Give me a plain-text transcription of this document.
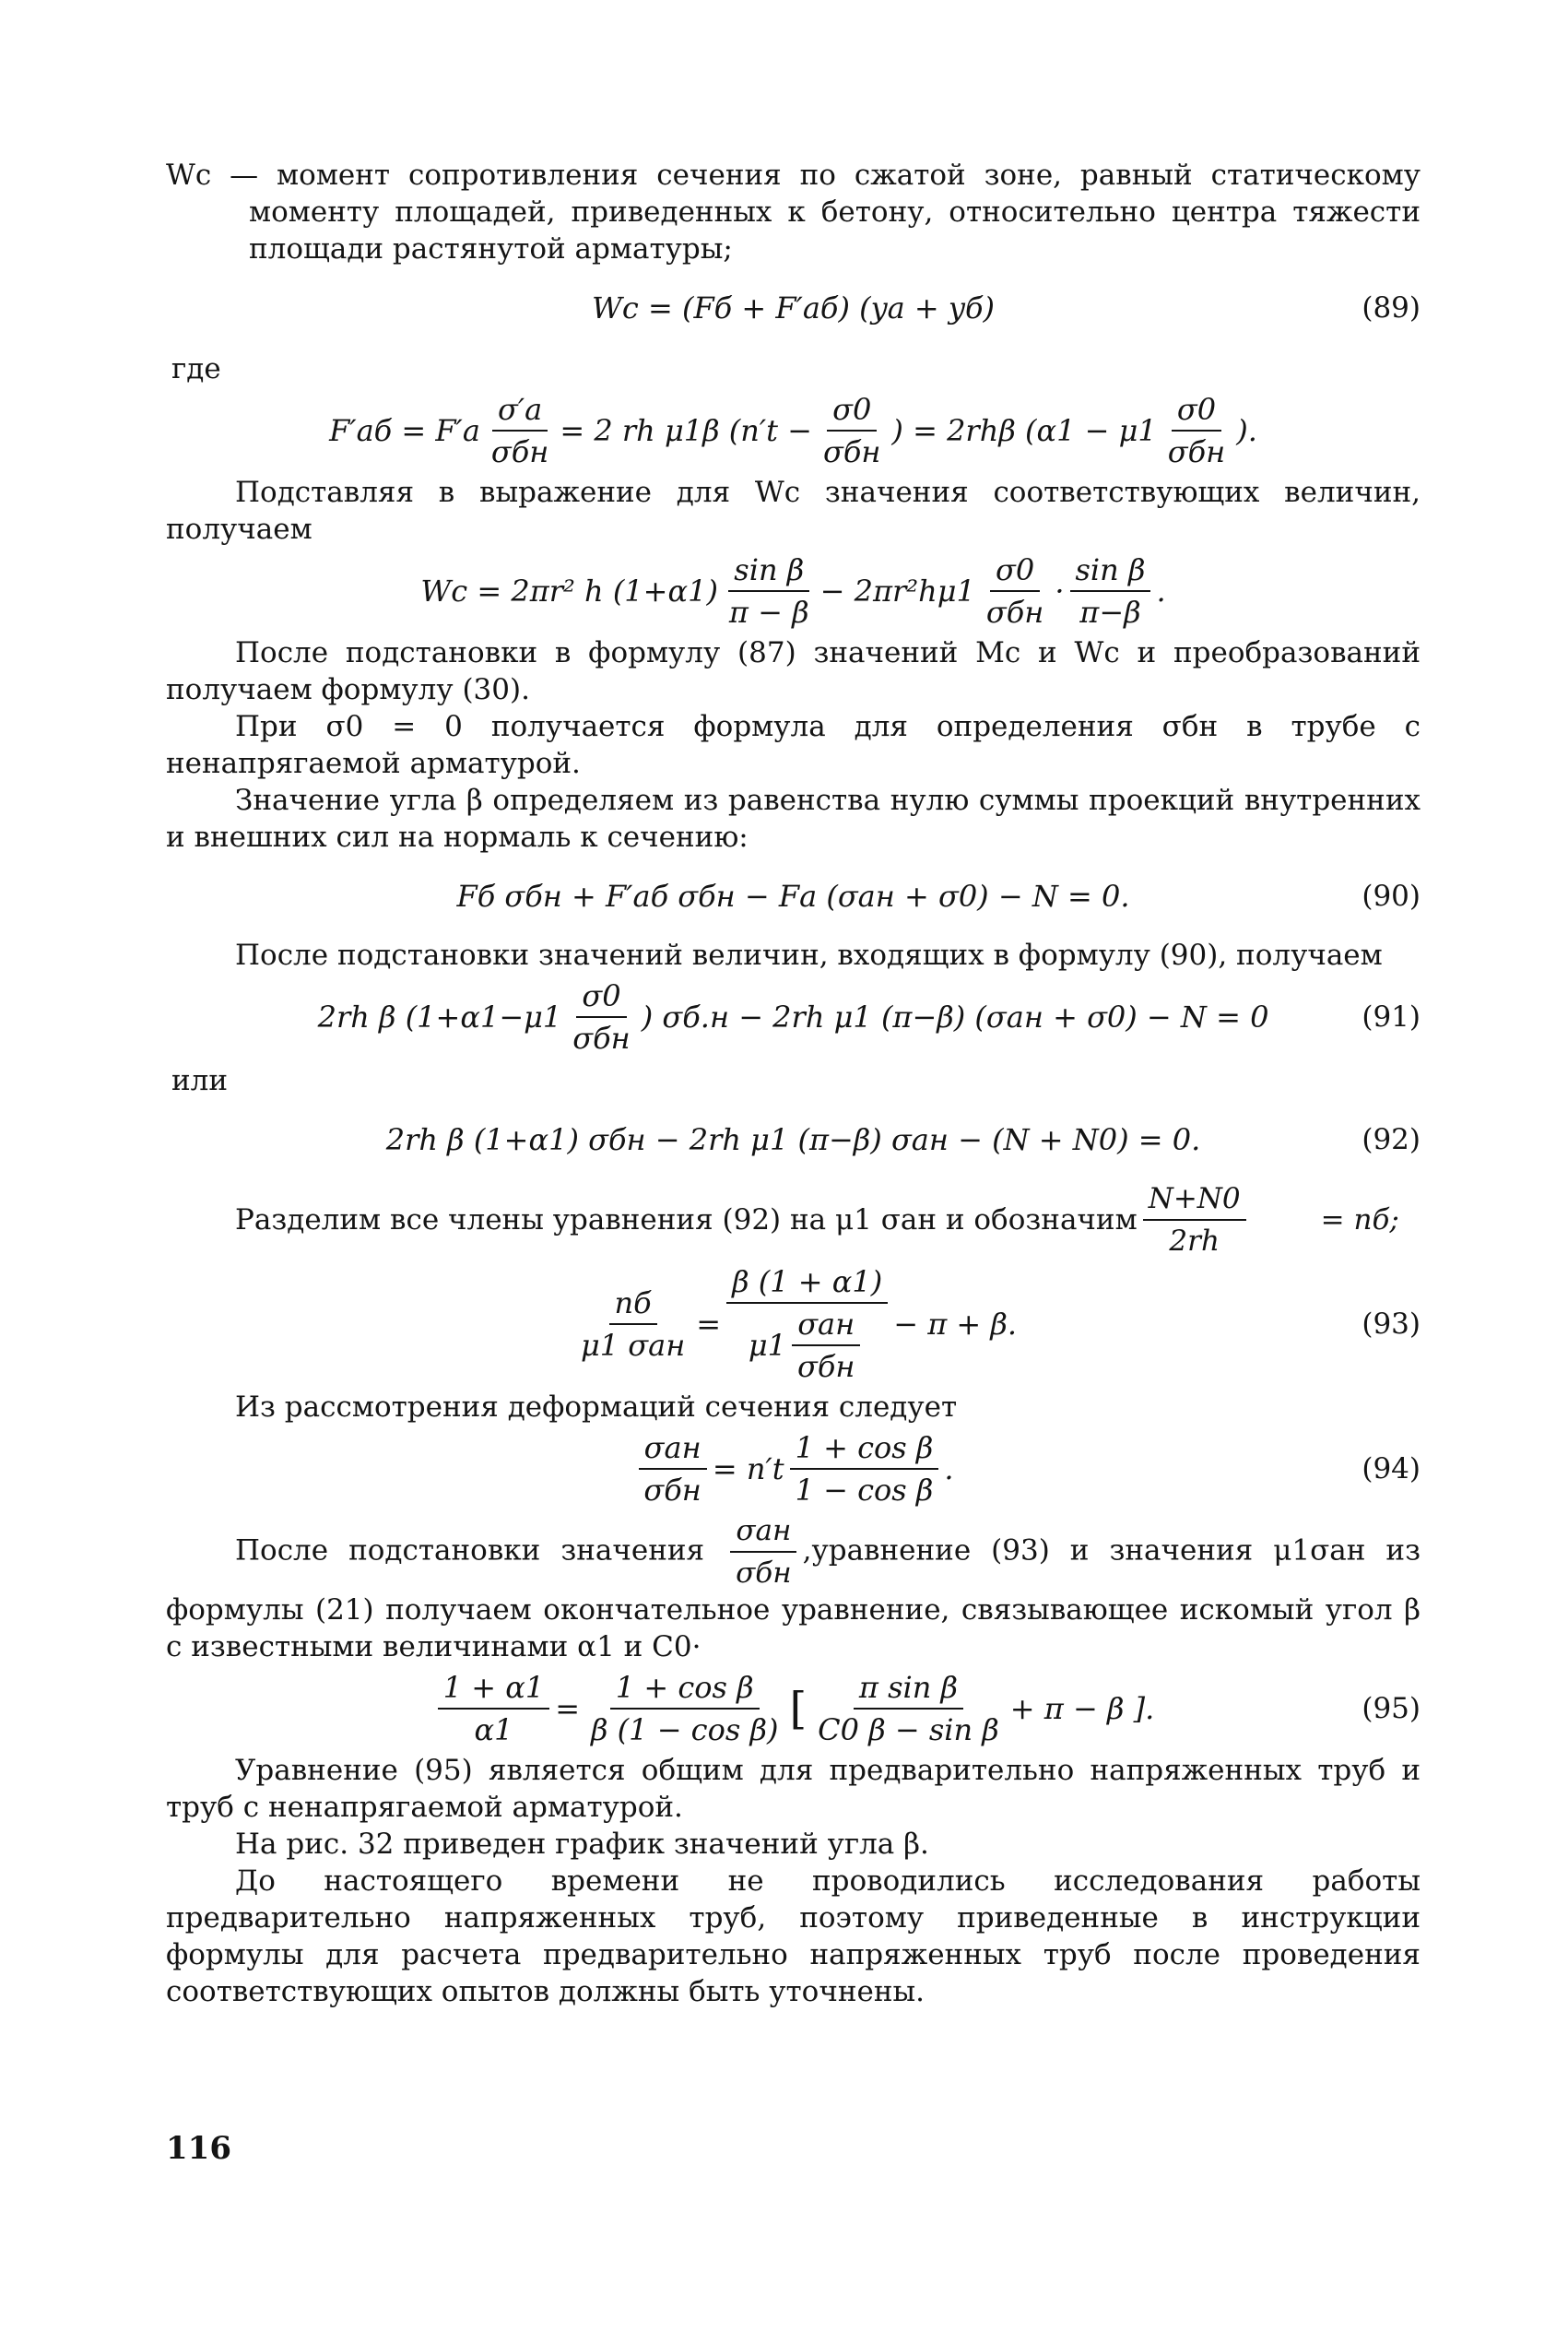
Wc — момент сопротивления сечения по сжатой зоне, равный статическому моменту площадей, приведенных к бетону, относительно центра тяжести площади растянутой арматуры;

Wc = (Fб + F′аб) (yа + yб)	(89)

где

$F'аб = F'а \frac{\sigma'а}{\text{σбн}} = 2$ rh μ1β ($n't - \frac{\sigma 0}{\text{σбн}}$ ) = 2rhβ ($\alpha 1 - \mu 1 \frac{\sigma 0}{\text{σбн}}$ ).

Подставляя в выражение для Wc значения соответствующих величин, получаем

Wc = 2πr² h $(1+\alpha 1) \frac{\text{sin β}}{\pi - \beta} - 2\pi r^2h\mu 1 \frac{\sigma 0}{\text{σбн}} \cdot \frac{\text{sin β}}{\pi-\beta}$ .

После подстановки в формулу (87) значений Mc и Wc и преобразований получаем формулу (30).

При σ0 = 0 получается формула для определения σбн в трубе с ненапрягаемой арматурой.

Значение угла β определяем из равенства нулю суммы проекций внутренних и внешних сил на нормаль к сечению:

Fб σбн + F′аб σбн − Fа (σан + σ0) − N = 0.	(90)

После подстановки значений величин, входящих в формулу (90), получаем

2rh β ($1+\alpha 1-\mu 1 \frac{\sigma 0}{\text{σбн}}$ ) σб.н − 2rh μ1 (π−β) (σан + σ0) − N = 0	(91)

или

2rh β (1+α1) σбн − 2rh μ1 (π−β) σан − (N + N0) = 0.	(92)

Разделим все члены уравнения (92) на μ1 σан и обозначим $\frac{N+N0}{2rh}$	= nб;

$\frac{nб}{\text{μ1 σан}} = \frac{\beta (1 + \alpha 1)}{\mu 1 \frac{\text{σан}}{\text{σбн}}} - \pi + \beta$.	(93)

Из рассмотрения деформаций сечения следует

$\frac{\text{σан}}{\text{σбн}} = n't \frac{\text{1 + cos β}}{\text{1 − cos β}}$ .	(94)

После подстановки значения $\frac{\text{σан}}{\text{σбн}}$ ,уравнение (93) и значения μ1σан из формулы (21) получаем окончательное уравнение, связывающее искомый угол β с известными величинами α1 и C0·

$\frac{1 + \alpha 1}{\alpha 1} = \frac{\text{1 + cos β}}{\text{β (1 − cos β)}}$ [ $\frac{\text{π sin β}}{\text{C0 β − sin β}} + \pi - \beta$ ].	(95)

Уравнение (95) является общим для предварительно напряженных труб и труб с ненапрягаемой арматурой.

На рис. 32 приведен график значений угла β.

До настоящего времени не проводились исследования работы предварительно напряженных труб, поэтому приведенные в инструкции формулы для расчета предварительно напряженных труб после проведения соответствующих опытов должны быть уточнены.

116
